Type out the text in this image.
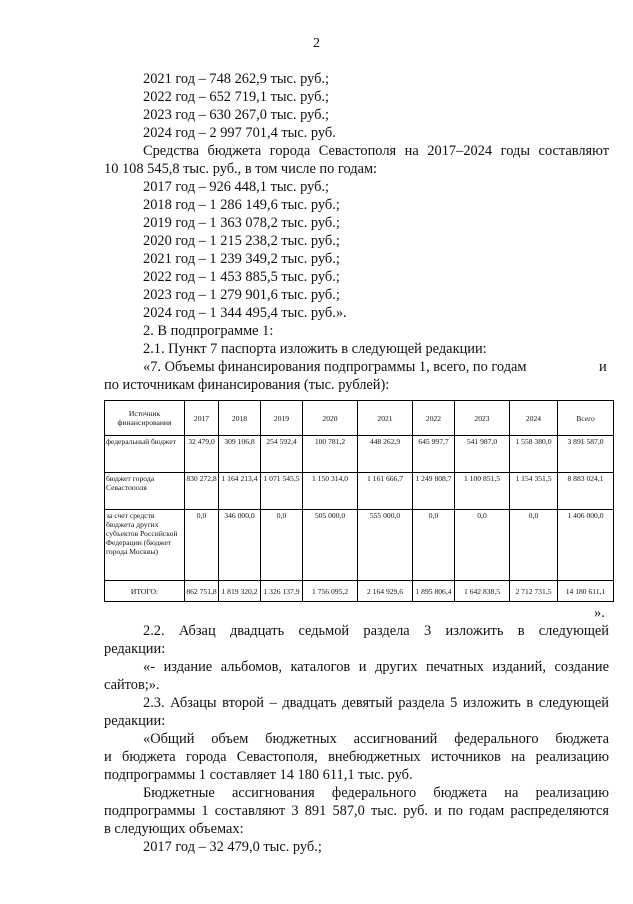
2
2021 год – 748 262,9 тыс. руб.;
2022 год – 652 719,1 тыс. руб.;
2023 год – 630 267,0 тыс. руб.;
2024 год – 2 997 701,4 тыс. руб.
Средства бюджета города Севастополя на 2017–2024 годы составляют
10 108 545,8 тыс. руб., в том числе по годам:
2017 год – 926 448,1 тыс. руб.;
2018 год – 1 286 149,6 тыс. руб.;
2019 год – 1 363 078,2 тыс. руб.;
2020 год – 1 215 238,2 тыс. руб.;
2021 год – 1 239 349,2 тыс. руб.;
2022 год – 1 453 885,5 тыс. руб.;
2023 год – 1 279 901,6 тыс. руб.;
2024 год – 1 344 495,4 тыс. руб.».
2. В подпрограмме 1:
2.1. Пункт 7 паспорта изложить в следующей редакции:
«7. Объемы финансирования подпрограммы 1, всего, по годам	и
по источникам финансирования (тыс. рублей):
Источник финансирования	2017	2018	2019	2020	2021	2022	2023	2024	Всего
федеральный бюджет	32 479,0	309 106,8	254 592,4	100 781,2	448 262,9	645 997,7	541 987,0	1 558 380,0	3 891 587,0
бюджет города Севастополя	830 272,8	1 164 213,4	1 071 545,5	1 150 314,0	1 161 666,7	1 249 808,7	1 100 851,5	1 154 351,5	8 883 024,1
за счет средств бюджета других субъектов Российской Федерации (бюджет города Москвы)	0,0	346 000,0	0,0	505 000,0	555 000,0	0,0	0,0	0,0	1 406 000,0
ИТОГО:	862 751,8	1 819 320,2	1 326 137,9	1 756 095,2	2 164 929,6	1 895 806,4	1 642 838,5	2 712 731,5	14 180 611,1
».
2.2. Абзац двадцать седьмой раздела 3 изложить в следующей
редакции:
«- издание альбомов, каталогов и других печатных изданий, создание
сайтов;».
2.3. Абзацы второй – двадцать девятый раздела 5 изложить в следующей
редакции:
«Общий объем бюджетных ассигнований федерального бюджета
и бюджета города Севастополя, внебюджетных источников на реализацию
подпрограммы 1 составляет 14 180 611,1 тыс. руб.
Бюджетные ассигнования федерального бюджета на реализацию
подпрограммы 1 составляют 3 891 587,0 тыс. руб. и по годам распределяются
в следующих объемах:
2017 год – 32 479,0 тыс. руб.;
